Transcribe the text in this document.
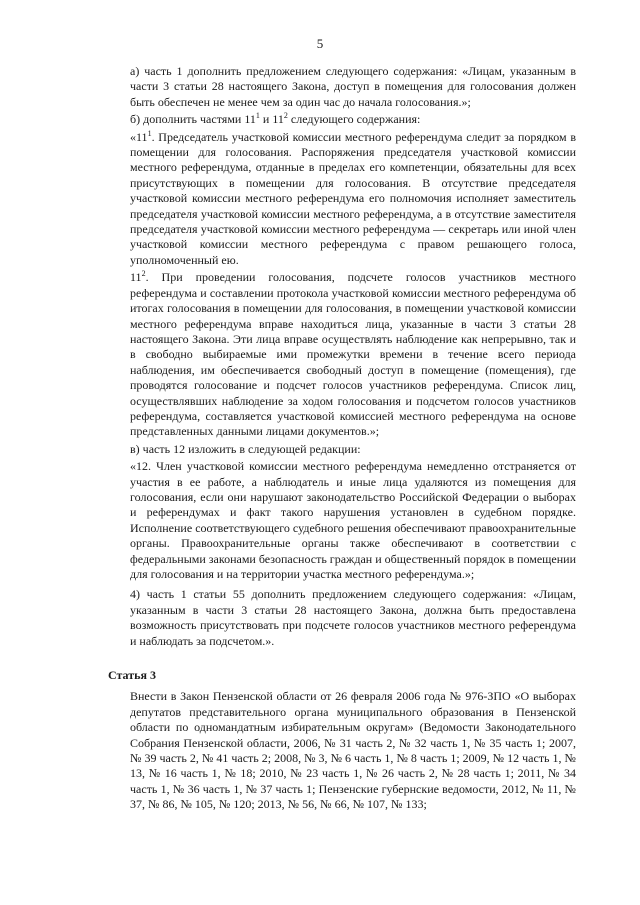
5

а) часть 1 дополнить предложением следующего содержания: «Лицам, указанным в части 3 статьи 28 настоящего Закона, доступ в помещения для голосования должен быть обеспечен не менее чем за один час до начала голосования.»;

б) дополнить частями $11^1$ и $11^2$ следующего содержания:

«$11^1$. Председатель участковой комиссии местного референдума следит за порядком в помещении для голосования. Распоряжения председателя участковой комиссии местного референдума, отданные в пределах его компетенции, обязательны для всех присутствующих в помещении для голосования. В отсутствие председателя участковой комиссии местного референдума его полномочия исполняет заместитель председателя участковой комиссии местного референдума, а в отсутствие заместителя председателя участковой комиссии местного референдума — секретарь или иной член участковой комиссии местного референдума с правом решающего голоса, уполномоченный ею.

$11^2$. При проведении голосования, подсчете голосов участников местного референдума и составлении протокола участковой комиссии местного референдума об итогах голосования в помещении для голосования, в помещении участковой комиссии местного референдума вправе находиться лица, указанные в части 3 статьи 28 настоящего Закона. Эти лица вправе осуществлять наблюдение как непрерывно, так и в свободно выбираемые ими промежутки времени в течение всего периода наблюдения, им обеспечивается свободный доступ в помещение (помещения), где проводятся голосование и подсчет голосов участников референдума. Список лиц, осуществлявших наблюдение за ходом голосования и подсчетом голосов участников референдума, составляется участковой комиссией местного референдума на основе представленных данными лицами документов.»;

в) часть 12 изложить в следующей редакции:

«12. Член участковой комиссии местного референдума немедленно отстраняется от участия в ее работе, а наблюдатель и иные лица удаляются из помещения для голосования, если они нарушают законодательство Российской Федерации о выборах и референдумах и факт такого нарушения установлен в судебном порядке. Исполнение соответствующего судебного решения обеспечивают правоохранительные органы. Правоохранительные органы также обеспечивают в соответствии с федеральными законами безопасность граждан и общественный порядок в помещении для голосования и на территории участка местного референдума.»;

4) часть 1 статьи 55 дополнить предложением следующего содержания: «Лицам, указанным в части 3 статьи 28 настоящего Закона, должна быть предоставлена возможность присутствовать при подсчете голосов участников местного референдума и наблюдать за подсчетом.».

Статья 3

Внести в Закон Пензенской области от 26 февраля 2006 года № 976-ЗПО «О выборах депутатов представительного органа муниципального образования в Пензенской области по одномандатным избирательным округам» (Ведомости Законодательного Собрания Пензенской области, 2006, № 31 часть 2, № 32 часть 1, № 35 часть 1; 2007, № 39 часть 2, № 41 часть 2; 2008, № 3, № 6 часть 1, № 8 часть 1; 2009, № 12 часть 1, № 13, № 16 часть 1, № 18; 2010, № 23 часть 1, № 26 часть 2, № 28 часть 1; 2011, № 34 часть 1, № 36 часть 1, № 37 часть 1; Пензенские губернские ведомости, 2012, № 11, № 37, № 86, № 105, № 120; 2013, № 56, № 66, № 107, № 133;
